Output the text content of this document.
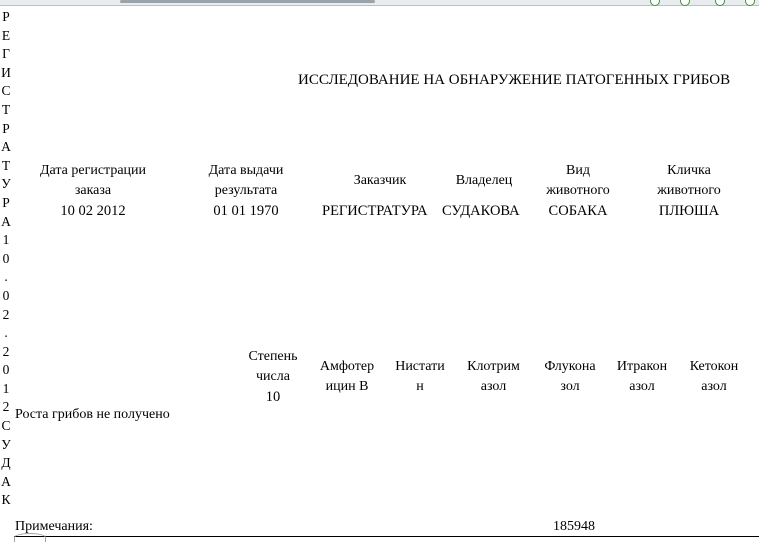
Р
Е
Г
И
С
Т
Р
А
Т
У
Р
А
1
0
.
0
2
.
2
0
1
2
С
У
Д
А
К
ИССЛЕДОВАНИЕ НА ОБНАРУЖЕНИЕ ПАТОГЕННЫХ ГРИБОВ
Дата регистрации
заказа
10 02 2012
Дата выдачи
результата
01 01 1970
Заказчик
РЕГИСТРАТУРА
Владелец
СУДАКОВА
Вид
животного
СОБАКА
Кличка
животного
ПЛЮША
Степень
числа
10
Амфотер
ицин В
Нистати
н
Клотрим
азол
Флукона
зол
Итракон
азол
Кетокон
азол
Роста грибов не получено
Примечания:	185948
